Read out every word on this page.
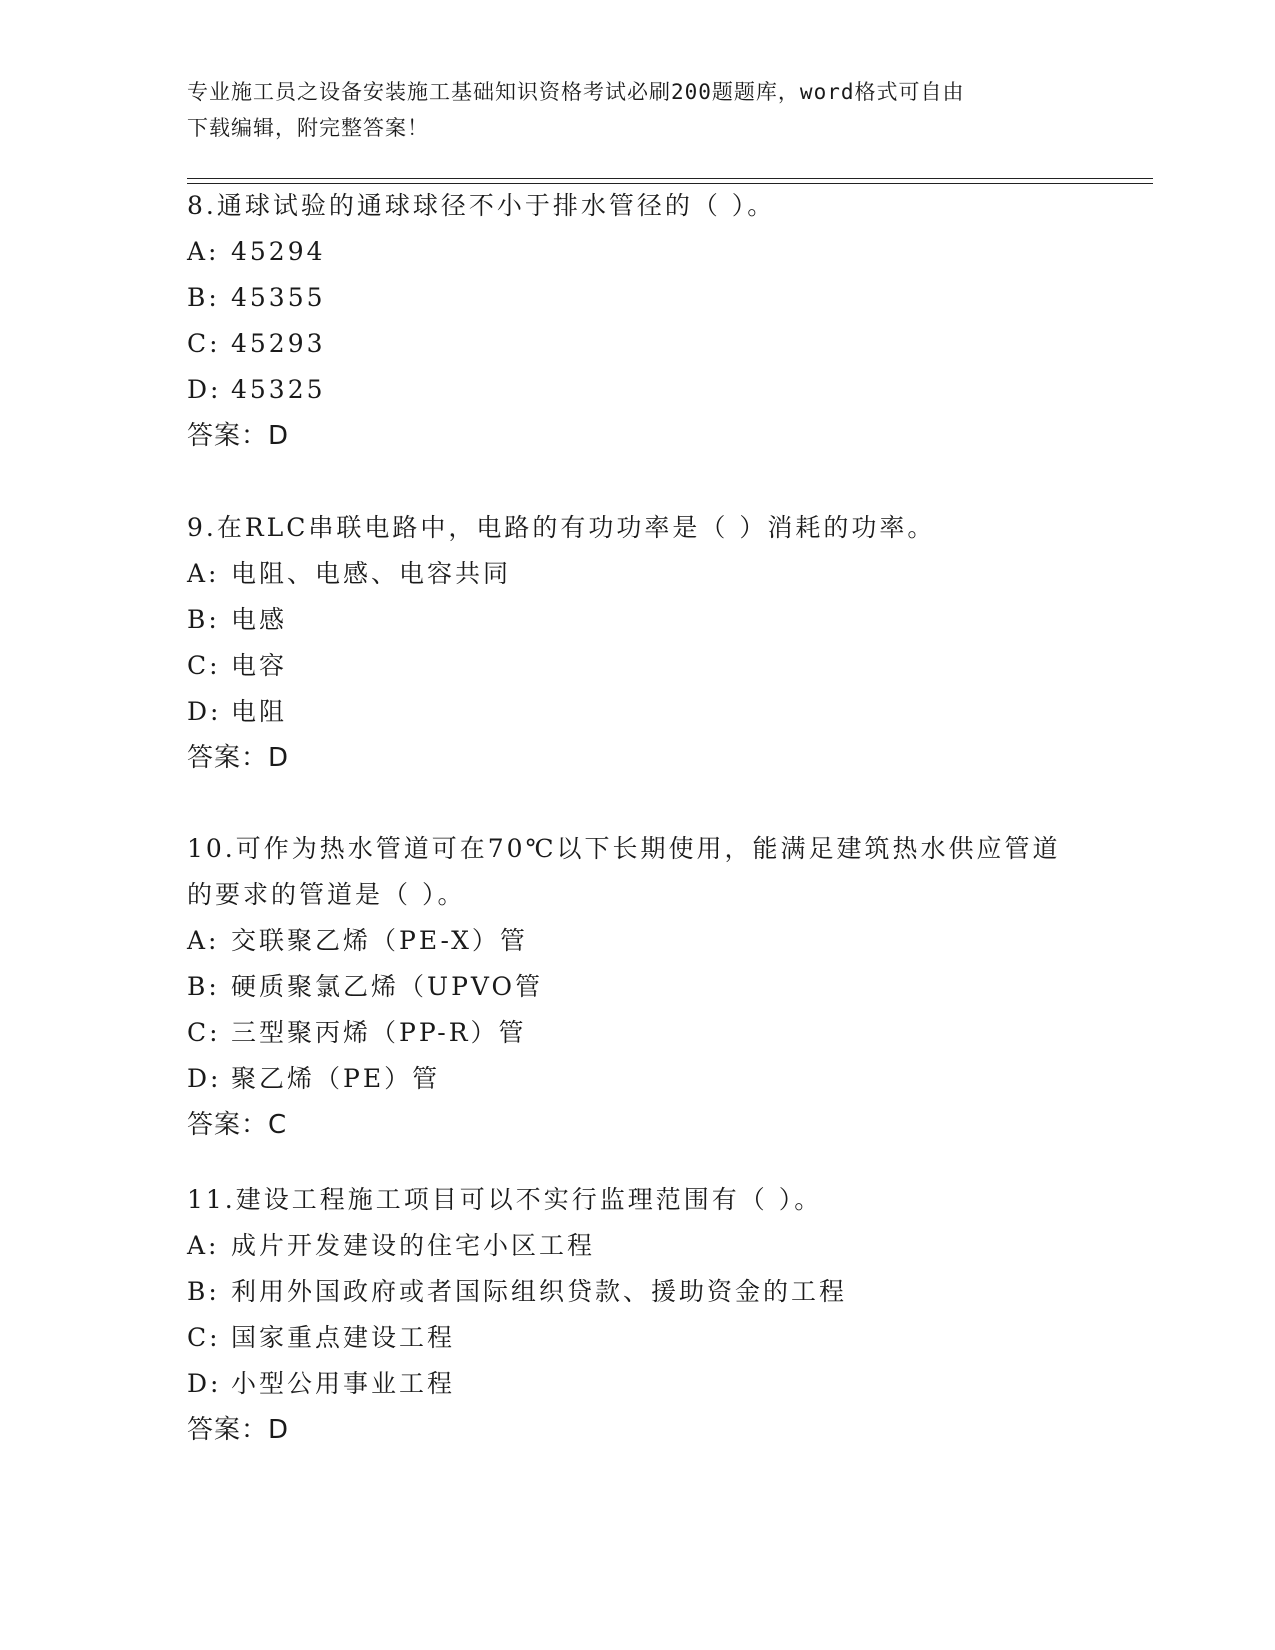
专业施工员之设备安装施工基础知识资格考试必刷200题题库，word格式可自由
下载编辑，附完整答案！
8.通球试验的通球球径不小于排水管径的（ ）。
A: 45294
B: 45355
C: 45293
D: 45325
答案：D
9.在RLC串联电路中，电路的有功功率是（ ）消耗的功率。
A: 电阻、电感、电容共同
B: 电感
C: 电容
D: 电阻
答案：D
10.可作为热水管道可在70℃以下长期使用，能满足建筑热水供应管道
的要求的管道是（ ）。
A: 交联聚乙烯（PE-X）管
B: 硬质聚氯乙烯（UPVO管
C: 三型聚丙烯（PP-R）管
D: 聚乙烯（PE）管
答案：C
11.建设工程施工项目可以不实行监理范围有（ ）。
A: 成片开发建设的住宅小区工程
B: 利用外国政府或者国际组织贷款、援助资金的工程
C: 国家重点建设工程
D: 小型公用事业工程
答案：D
